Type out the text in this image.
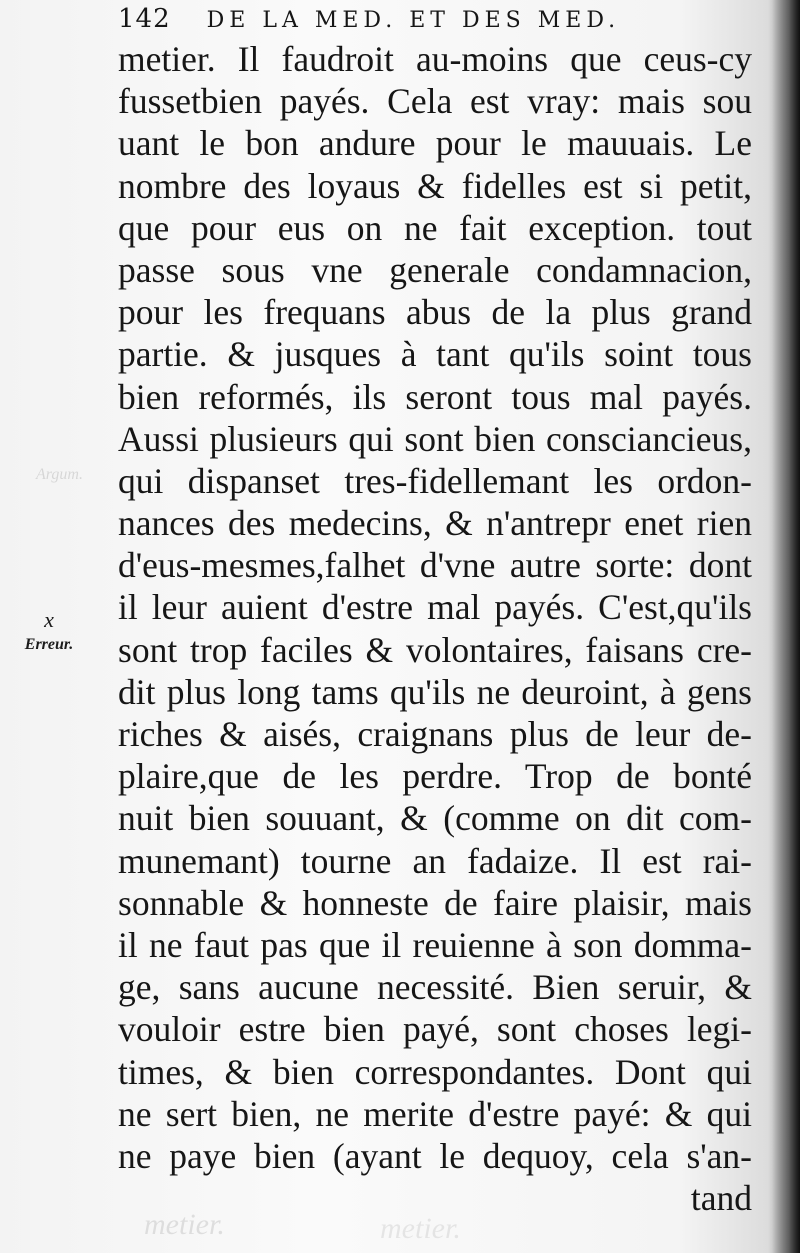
142 DE LA MED. ET DES MED.
x
Erreur.
Argum.
metier.	metier.
metier. Il faudroit au-moins que ceus-cy
fussetbien payés. Cela est vray: mais sou
uant le bon andure pour le mauuais. Le
nombre des loyaus & fidelles est si petit,
que pour eus on ne fait exception. tout
passe sous vne generale condamnacion,
pour les frequans abus de la plus grand
partie. & jusques à tant qu'ils soint tous
bien reformés, ils seront tous mal payés.
Aussi plusieurs qui sont bien consciancieus,
qui dispanset tres-fidellemant les ordon-
nances des medecins, & n'antrepr enet rien
d'eus-mesmes,falhet d'vne autre sorte: dont
il leur auient d'estre mal payés. C'est,qu'ils
sont trop faciles & volontaires, faisans cre-
dit plus long tams qu'ils ne deuroint, à gens
riches & aisés, craignans plus de leur de-
plaire,que de les perdre. Trop de bonté
nuit bien souuant, & (comme on dit com-
munemant) tourne an fadaize. Il est rai-
sonnable & honneste de faire plaisir, mais
il ne faut pas que il reuienne à son domma-
ge, sans aucune necessité. Bien seruir, &
vouloir estre bien payé, sont choses legi-
times, & bien correspondantes. Dont qui
ne sert bien, ne merite d'estre payé: & qui
ne paye bien (ayant le dequoy, cela s'an-
tand
